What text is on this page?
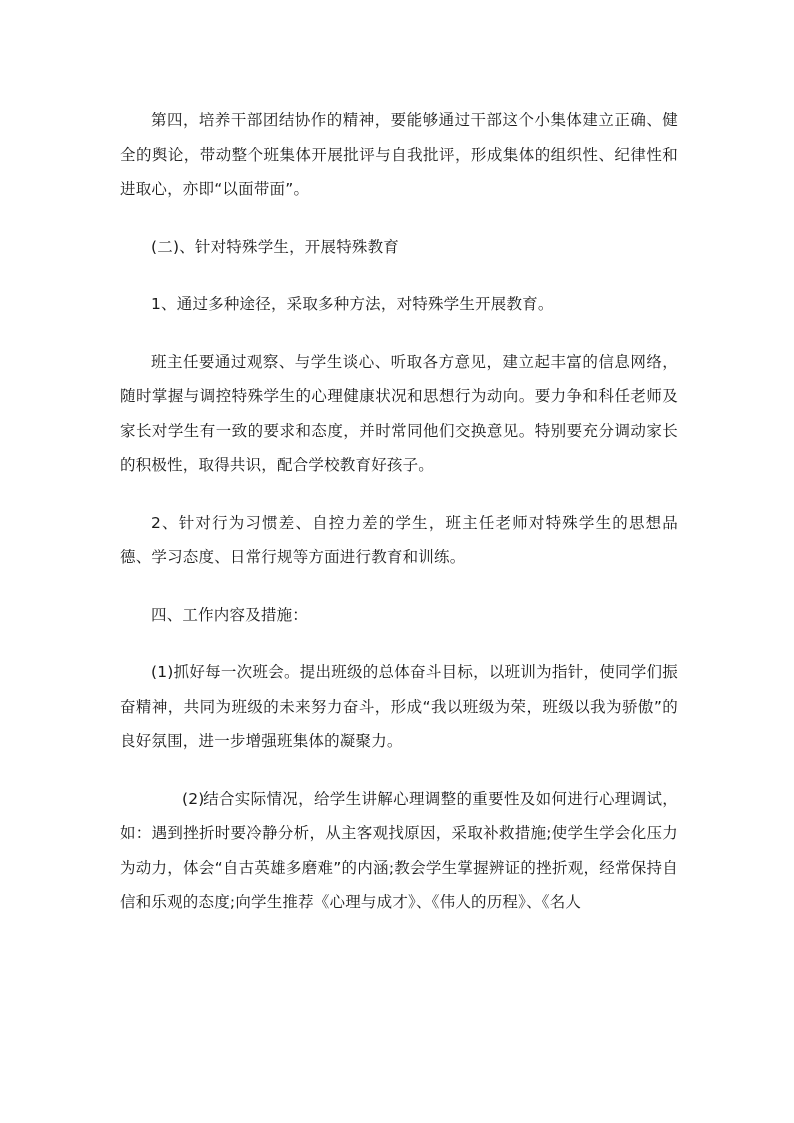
第四，培养干部团结协作的精神，要能够通过干部这个小集体建立正确、健全的舆论，带动整个班集体开展批评与自我批评，形成集体的组织性、纪律性和进取心，亦即“以面带面”。

(二)、针对特殊学生，开展特殊教育

1、通过多种途径，采取多种方法，对特殊学生开展教育。

班主任要通过观察、与学生谈心、听取各方意见，建立起丰富的信息网络，随时掌握与调控特殊学生的心理健康状况和思想行为动向。要力争和科任老师及家长对学生有一致的要求和态度，并时常同他们交换意见。特别要充分调动家长的积极性，取得共识，配合学校教育好孩子。

2、针对行为习惯差、自控力差的学生，班主任老师对特殊学生的思想品德、学习态度、日常行规等方面进行教育和训练。

四、工作内容及措施：

(1)抓好每一次班会。提出班级的总体奋斗目标，以班训为指针，使同学们振奋精神，共同为班级的未来努力奋斗，形成“我以班级为荣，班级以我为骄傲”的良好氛围，进一步增强班集体的凝聚力。

(2)结合实际情况，给学生讲解心理调整的重要性及如何进行心理调试，如：遇到挫折时要冷静分析，从主客观找原因，采取补救措施;使学生学会化压力为动力，体会“自古英雄多磨难”的内涵;教会学生掌握辨证的挫折观，经常保持自信和乐观的态度;向学生推荐《心理与成才》、《伟人的历程》、《名人
